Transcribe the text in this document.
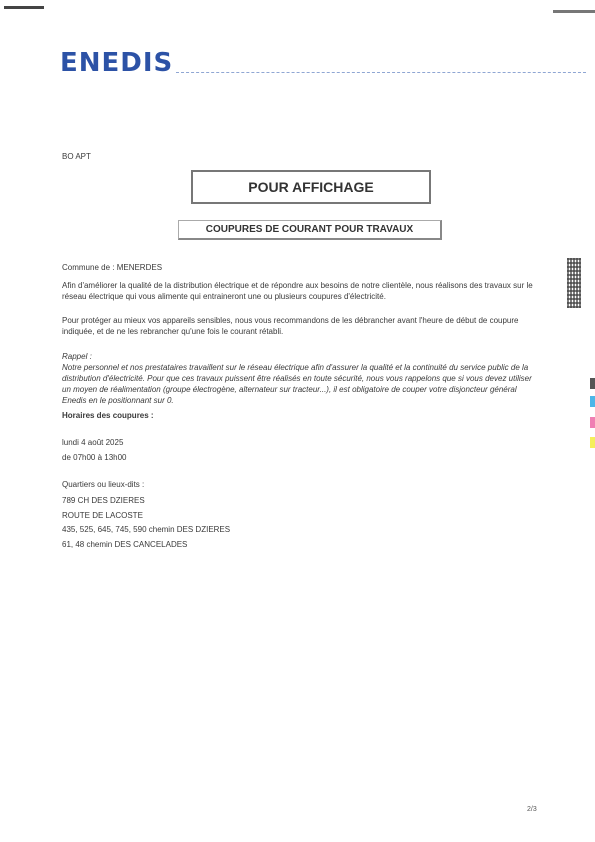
ENEDIS
BO APT
POUR AFFICHAGE
COUPURES DE COURANT POUR TRAVAUX
Commune de : MENERDES
Afin d'améliorer la qualité de la distribution électrique et de répondre aux besoins de notre clientèle, nous réalisons des travaux sur le réseau électrique qui vous alimente qui entraineront une ou plusieurs coupures d'électricité.
Pour protéger au mieux vos appareils sensibles, nous vous recommandons de les débrancher avant l'heure de début de coupure indiquée, et de ne les rebrancher qu'une fois le courant rétabli.
Rappel :
Notre personnel et nos prestataires travaillent sur le réseau électrique afin d'assurer la qualité et la continuité du service public de la distribution d'électricité. Pour que ces travaux puissent être réalisés en toute sécurité, nous vous rappelons que si vous devez utiliser un moyen de réalimentation (groupe électrogène, alternateur sur tracteur...), il est obligatoire de couper votre disjoncteur général Enedis en le positionnant sur 0.
Horaires des coupures :
lundi 4 août 2025
de 07h00 à 13h00
Quartiers ou lieux-dits :
789 CH DES DZIERES
ROUTE DE LACOSTE
435, 525, 645, 745, 590 chemin DES DZIERES
61, 48 chemin DES CANCELADES
2/3
